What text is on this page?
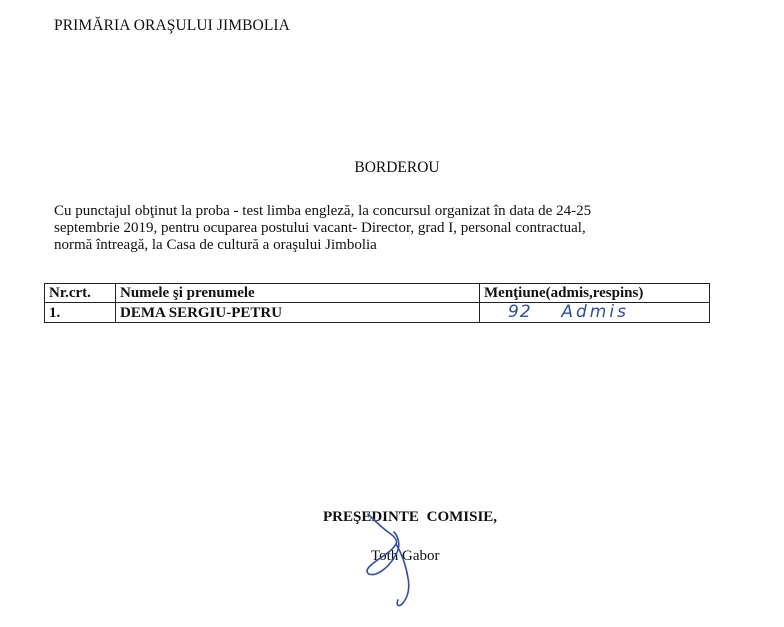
PRIMĂRIA ORAŞULUI JIMBOLIA
BORDEROU
Cu punctajul obţinut la proba - test limba engleză, la concursul organizat în data de 24-25
septembrie 2019, pentru ocuparea postului vacant- Director, grad I, personal contractual,
normă întreagă, la Casa de cultură a oraşului Jimbolia
Nr.crt.	Numele şi prenumele	Menţiune(admis,respins)
1.	DEMA SERGIU-PETRU	92 Admis
PREŞEDINTE COMISIE,
Toth Gabor
